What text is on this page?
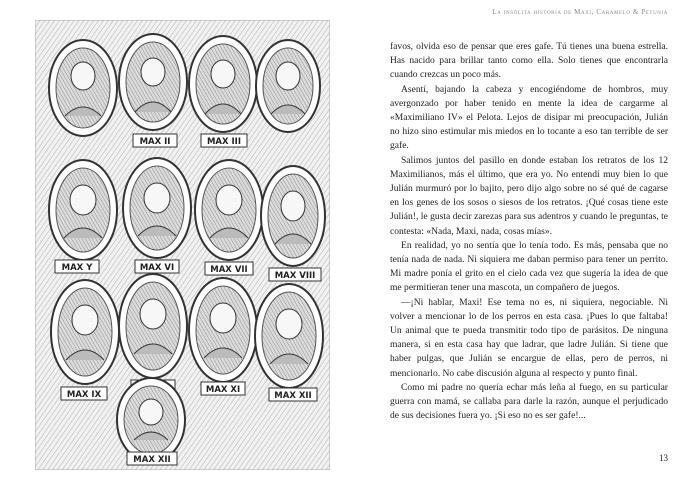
La insólita historia de Maxi, Caramelo & Petunia
MAX II	MAX III
MAX Y	MAX VI	MAX VII
MAX VIII
MAX IX	MAX XI
MAX XII
MAX XII

favos, olvida eso de pensar que eres gafe. Tú tienes una buena estrella. Has nacido para brillar tanto como ella. Solo tienes que encontrarla cuando crezcas un poco más.

Asentí, bajando la cabeza y encogiéndome de hombros, muy avergonzado por haber tenido en mente la idea de cargarme al «Maximiliano IV» el Pelota. Lejos de disipar mi preocupación, Julián no hizo sino estimular mis miedos en lo tocante a eso tan terrible de ser gafe.

Salimos juntos del pasillo en donde estaban los retratos de los 12 Maximilianos, más el último, que era yo. No entendí muy bien lo que Julián murmuró por lo bajito, pero dijo algo sobre no sé qué de cagarse en los genes de los sosos o siesos de los retratos. ¡Qué cosas tiene este Julián!, le gusta decir zarezas para sus adentros y cuando le preguntas, te contesta: «Nada, Maxi, nada, cosas mías».

En realidad, yo no sentía que lo tenía todo. Es más, pensaba que no tenía nada de nada. Ni siquiera me daban permiso para tener un perrito. Mi madre ponía el grito en el cielo cada vez que sugería la idea de que me permitieran tener una mascota, un compañero de juegos.

—¡Ni hablar, Maxi! Ese tema no es, ni siquiera, negociable. Ni volver a mencionar lo de los perros en esta casa. ¡Pues lo que faltaba! Un animal que te pueda transmitir todo tipo de parásitos. De ninguna manera, si en esta casa hay que ladrar, que ladre Julián. Si tiene que haber pulgas, que Julián se encargue de ellas, pero de perros, ni mencionarlo. No cabe discusión alguna al respecto y punto final.

Como mi padre no quería echar más leña al fuego, en su particular guerra con mamá, se callaba para darle la razón, aunque el perjudicado de sus decisiones fuera yo. ¡Si eso no es ser gafe!...

13
